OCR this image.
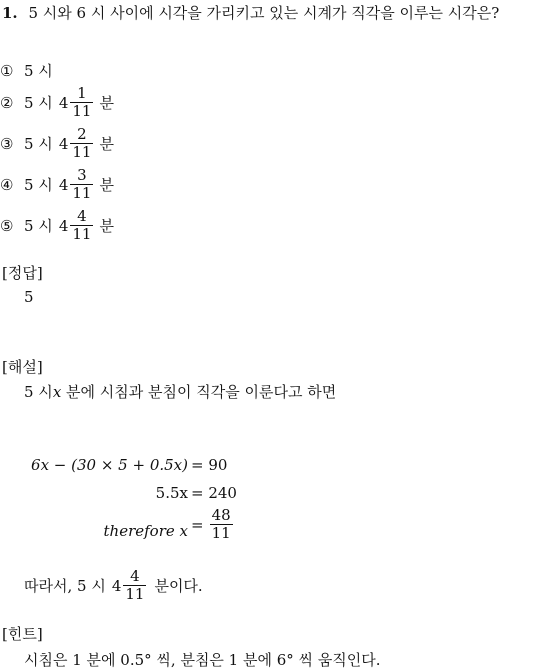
1. 5 시와 6 시 사이에 시각을 가리키고 있는 시계가 직각을 이루는 시각은?
① 5 시
② 5 시 $4 \frac{1}{11}$ 분
③ 5 시 $4 \frac{2}{11}$ 분
④ 5 시 $4 \frac{3}{11}$ 분
⑤ 5 시 $4 \frac{4}{11}$ 분
[정답]
5
[해설]
5 시x 분에 시침과 분침이 직각을 이룬다고 하면
6x − (30 × 5 + 0.5x) = 90
5.5x = 240
therefore $x = \frac{48}{11}$
따라서, 5 시 $4 \frac{4}{11}$ 분이다.
[힌트]
시침은 1 분에 0.5° 씩, 분침은 1 분에 6° 씩 움직인다.
